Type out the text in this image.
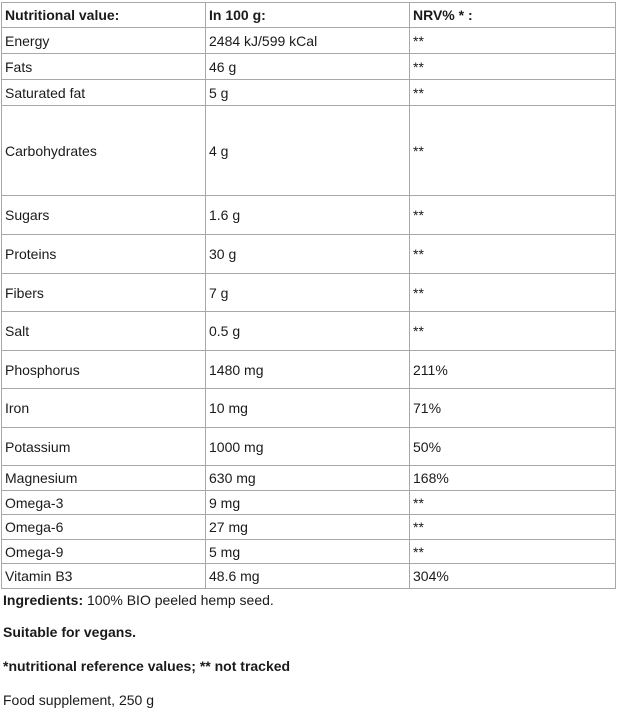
Nutritional value:	In 100 g:	NRV% * :
Energy	2484 kJ/599 kCal	**
Fats	46 g	**
Saturated fat	5 g	**
Carbohydrates	4 g	**
Sugars	1.6 g	**
Proteins	30 g	**
Fibers	7 g	**
Salt	0.5 g	**
Phosphorus	1480 mg	211%
Iron	10 mg	71%
Potassium	1000 mg	50%
Magnesium	630 mg	168%
Omega-3	9 mg	**
Omega-6	27 mg	**
Omega-9	5 mg	**
Vitamin B3	48.6 mg	304%

Ingredients: 100% BIO peeled hemp seed.

Suitable for vegans.

*nutritional reference values; ** not tracked

Food supplement, 250 g
